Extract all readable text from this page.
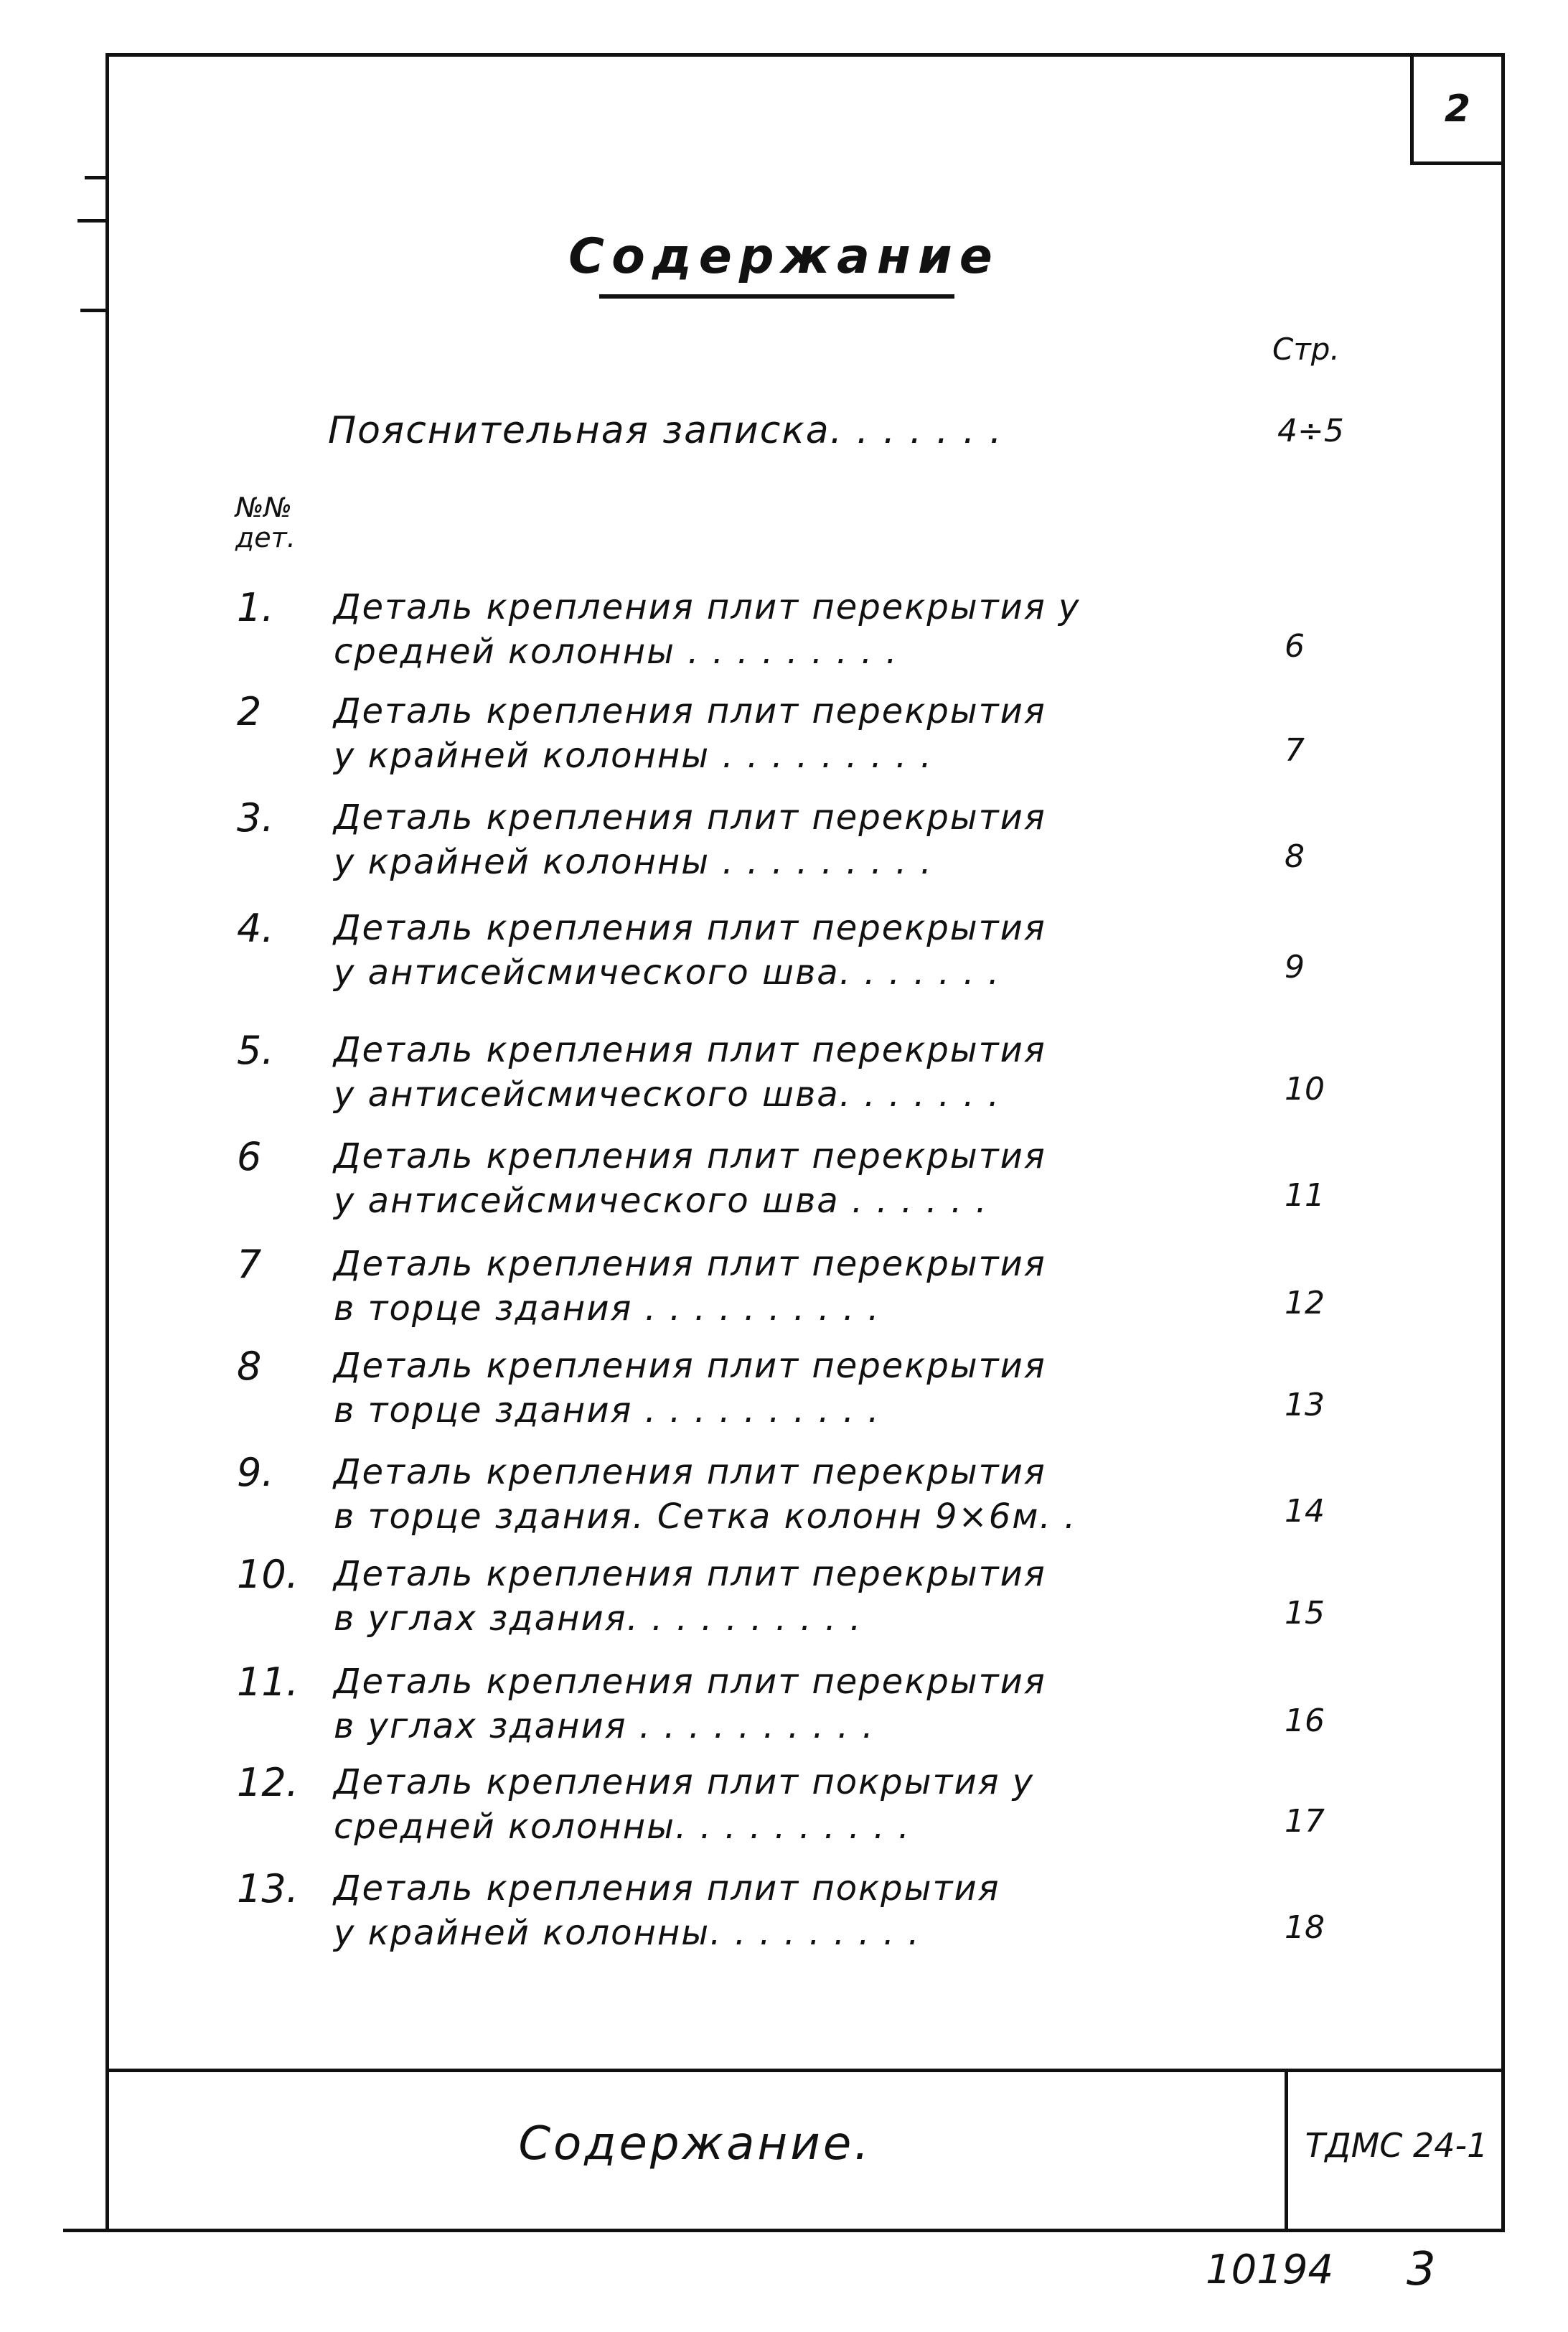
2
Содержание
Стр.
Пояснительная записка. . . . . . .	4÷5
№№
дет.
1.	Деталь крепления плит перекрытия у
средней колонны . . . . . . . . .	6
2	Деталь крепления плит перекрытия
у крайней колонны . . . . . . . . .	7
3.	Деталь крепления плит перекрытия
у крайней колонны . . . . . . . . .	8
4.	Деталь крепления плит перекрытия
у антисейсмического шва. . . . . . .	9
5.	Деталь крепления плит перекрытия
у антисейсмического шва. . . . . . .	10
6	Деталь крепления плит перекрытия
у антисейсмического шва . . . . . .	11
7	Деталь крепления плит перекрытия
в торце здания . . . . . . . . . .	12
8	Деталь крепления плит перекрытия
в торце здания . . . . . . . . . .	13
9.	Деталь крепления плит перекрытия
в торце здания. Сетка колонн 9×6м. .	14
10. Деталь крепления плит перекрытия
в углах здания. . . . . . . . . .	15
11. Деталь крепления плит перекрытия
в углах здания . . . . . . . . . .	16
12. Деталь крепления плит покрытия у
средней колонны. . . . . . . . . .	17
13. Деталь крепления плит покрытия
у крайней колонны. . . . . . . . .	18
Содержание.	ТДМС 24-1
10194 3
